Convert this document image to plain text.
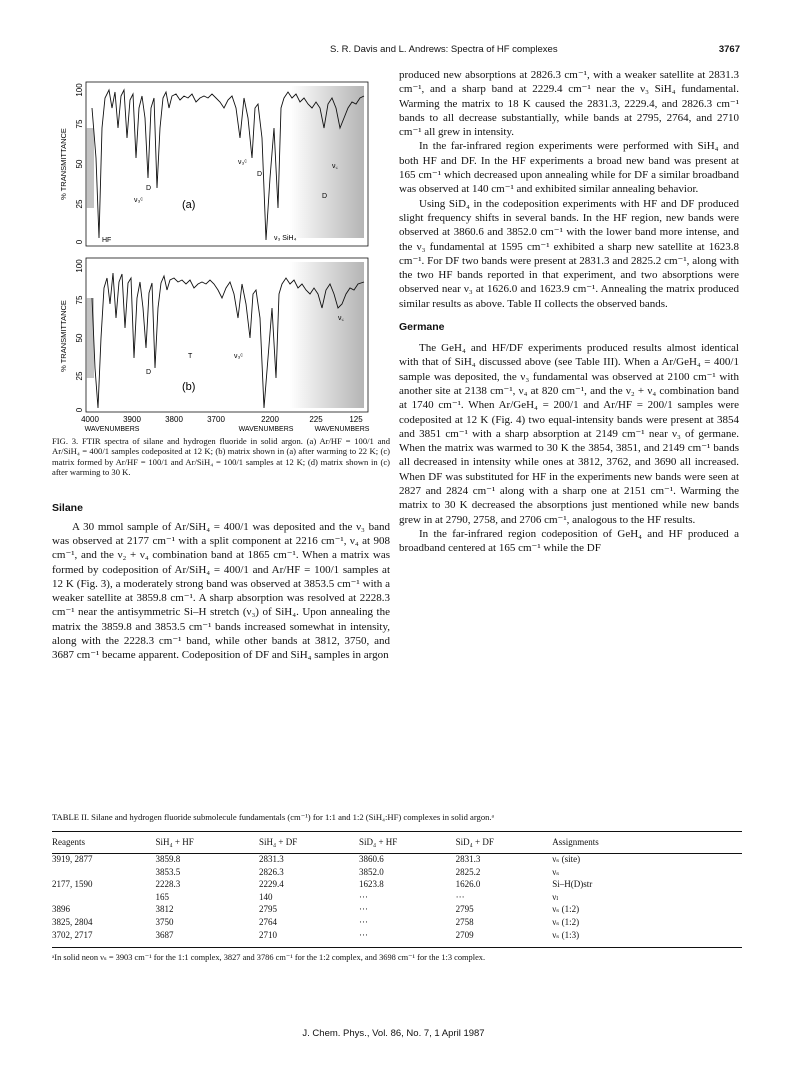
S. R. Davis and L. Andrews: Spectra of HF complexes	3767
0
25
50
75
100
% TRANSMITTANCE
0
25
50
75
100
% TRANSMITTANCE
(a)
HF	ν₃ SiH₄
D
ν₃ᶜ
D
ν₃ᶜ
D
ν꜀
(b)
T	ν₃ᶜ
D
ν꜀
4000	3900	3800	3700	2200	225	125
WAVENUMBERS	WAVENUMBERS	WAVENUMBERS
FIG. 3. FTIR spectra of silane and hydrogen fluoride in solid argon. (a) Ar/HF = 100/1 and Ar/SiH₄ = 400/1 samples codeposited at 12 K; (b) matrix shown in (a) after warming to 22 K; (c) matrix formed by Ar/HF = 100/1 and Ar/SiH₄ = 100/1 samples at 12 K; (d) matrix shown in (c) after warming to 30 K.
Silane

A 30 mmol sample of Ar/SiH₄ = 400/1 was deposited and the ν₃ band was observed at 2177 cm⁻¹ with a split component at 2216 cm⁻¹, ν₄ at 908 cm⁻¹, and the ν₂ + ν₄ combination band at 1865 cm⁻¹. When a matrix was formed by codeposition of Ar/SiH₄ = 400/1 and Ar/HF = 100/1 samples at 12 K (Fig. 3), a moderately strong band was observed at 3853.5 cm⁻¹ with a weaker satellite at 3859.8 cm⁻¹. A sharp absorption was resolved at 2228.3 cm⁻¹ near the antisymmetric Si–H stretch (ν₃) of SiH₄. Upon annealing the matrix the 3859.8 and 3853.5 cm⁻¹ bands increased somewhat in intensity, along with the 2228.3 cm⁻¹ band, while other bands at 3812, 3750, and 3687 cm⁻¹ became apparent. Codeposition of DF and SiH₄ samples in argon

produced new absorptions at 2826.3 cm⁻¹, with a weaker satellite at 2831.3 cm⁻¹, and a sharp band at 2229.4 cm⁻¹ near the ν₃ SiH₄ fundamental. Warming the matrix to 18 K caused the 2831.3, 2229.4, and 2826.3 cm⁻¹ bands to all decrease substantially, while bands at 2795, 2764, and 2710 cm⁻¹ all grew in intensity.

In the far-infrared region experiments were performed with SiH₄ and both HF and DF. In the HF experiments a broad new band was present at 165 cm⁻¹ which decreased upon annealing while for DF a similar broadband was observed at 140 cm⁻¹ and exhibited similar annealing behavior.

Using SiD₄ in the codeposition experiments with HF and DF produced slight frequency shifts in several bands. In the HF region, new bands were observed at 3860.6 and 3852.0 cm⁻¹ with the lower band more intense, and the ν₃ fundamental at 1595 cm⁻¹ exhibited a sharp new satellite at 1623.8 cm⁻¹. For DF two bands were present at 2831.3 and 2825.2 cm⁻¹, along with the two HF bands reported in that experiment, and two absorptions were observed near ν₃ at 1626.0 and 1623.9 cm⁻¹. Annealing the matrix produced similar results as above. Table II collects the observed bands.

Germane

The GeH₄ and HF/DF experiments produced results almost identical with that of SiH₄ discussed above (see Table III). When a Ar/GeH₄ = 400/1 sample was deposited, the ν₃ fundamental was observed at 2100 cm⁻¹ with another site at 2138 cm⁻¹, ν₄ at 820 cm⁻¹, and the ν₂ + ν₄ combination band at 1740 cm⁻¹. When Ar/GeH₄ = 200/1 and Ar/HF = 200/1 samples were codeposited at 12 K (Fig. 4) two equal-intensity bands were present at 3854 and 3851 cm⁻¹ with a sharp absorption at 2149 cm⁻¹ near ν₃ of germane. When the matrix was warmed to 30 K the 3854, 3851, and 2149 cm⁻¹ bands all decreased in intensity while ones at 3812, 3762, and 3690 all increased. When DF was substituted for HF in the experiments new bands were seen at 2827 and 2824 cm⁻¹ along with a sharp one at 2151 cm⁻¹. Warming the matrix to 30 K decreased the absorptions just mentioned while new bands grew in at 2790, 2758, and 2706 cm⁻¹, analogous to the HF results.

In the far-infrared region codeposition of GeH₄ and HF produced a broadband centered at 165 cm⁻¹ while the DF

TABLE II. Silane and hydrogen fluoride submolecule fundamentals (cm⁻¹) for 1:1 and 1:2 (SiH₄:HF) complexes in solid argon.ᵃ
Reagents	SiH₄ + HF	SiH₄ + DF	SiD₄ + HF	SiD₄ + DF	Assignments
3919, 2877	3859.8	2831.3	3860.6	2831.3	νₛ (site)
	3853.5	2826.3	3852.0	2825.2	νₛ
2177, 1590	2228.3	2229.4	1623.8	1626.0	Si–H(D)str
	165	140	···	···	νₗ
3896	3812	2795	···	2795	νₛ (1:2)
3825, 2804	3750	2764	···	2758	νₛ (1:2)
3702, 2717	3687	2710	···	2709	νₛ (1:3)
ᵃIn solid neon νₛ = 3903 cm⁻¹ for the 1:1 complex, 3827 and 3786 cm⁻¹ for the 1:2 complex, and 3698 cm⁻¹ for the 1:3 complex.
J. Chem. Phys., Vol. 86, No. 7, 1 April 1987
